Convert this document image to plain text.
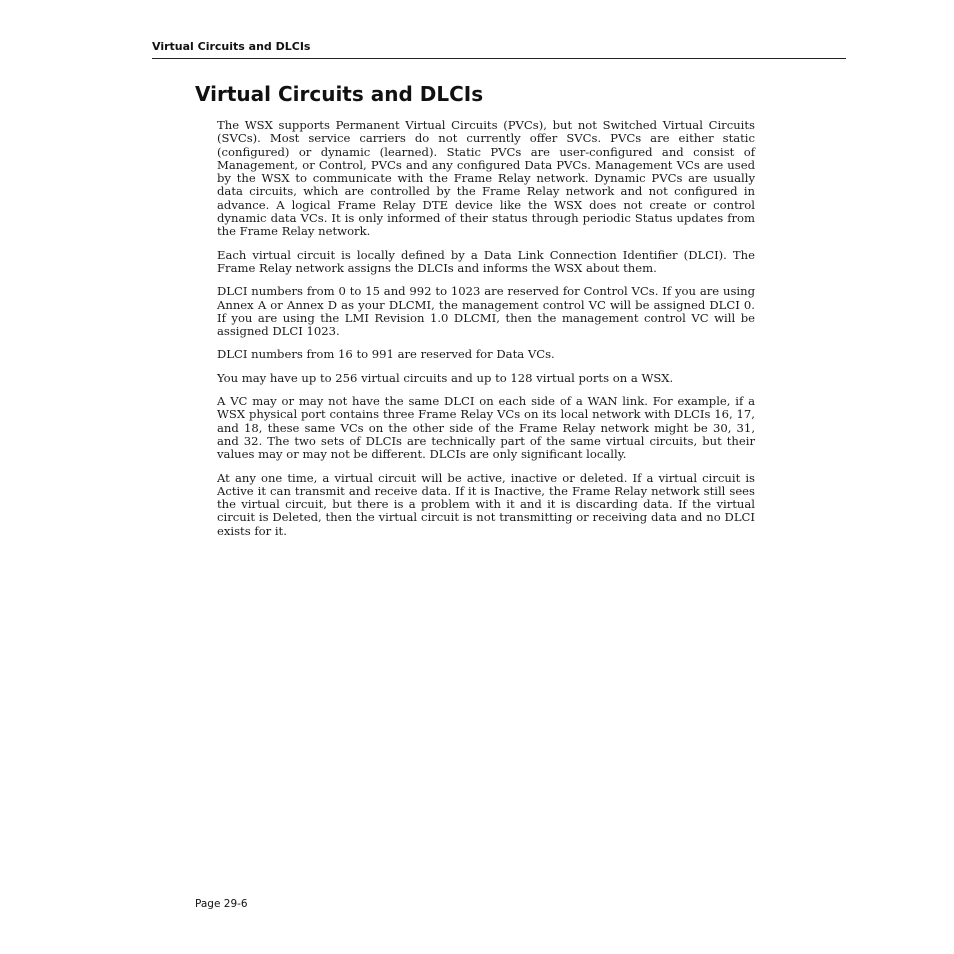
Virtual Circuits and DLCIs
Virtual Circuits and DLCIs

The WSX supports Permanent Virtual Circuits (PVCs), but not Switched Virtual Circuits (SVCs). Most service carriers do not currently offer SVCs. PVCs are either static (configured) or dynamic (learned). Static PVCs are user-configured and consist of Management, or Control, PVCs and any configured Data PVCs. Management VCs are used by the WSX to communicate with the Frame Relay network. Dynamic PVCs are usually data circuits, which are controlled by the Frame Relay network and not configured in advance. A logical Frame Relay DTE device like the WSX does not create or control dynamic data VCs. It is only informed of their status through periodic Status updates from the Frame Relay network.

Each virtual circuit is locally defined by a Data Link Connection Identifier (DLCI). The Frame Relay network assigns the DLCIs and informs the WSX about them.

DLCI numbers from 0 to 15 and 992 to 1023 are reserved for Control VCs. If you are using Annex A or Annex D as your DLCMI, the management control VC will be assigned DLCI 0. If you are using the LMI Revision 1.0 DLCMI, then the management control VC will be assigned DLCI 1023.

DLCI numbers from 16 to 991 are reserved for Data VCs.

You may have up to 256 virtual circuits and up to 128 virtual ports on a WSX.

A VC may or may not have the same DLCI on each side of a WAN link. For example, if a WSX physical port contains three Frame Relay VCs on its local network with DLCIs 16, 17, and 18, these same VCs on the other side of the Frame Relay network might be 30, 31, and 32. The two sets of DLCIs are technically part of the same virtual circuits, but their values may or may not be different. DLCIs are only significant locally.

At any one time, a virtual circuit will be active, inactive or deleted. If a virtual circuit is Active it can transmit and receive data. If it is Inactive, the Frame Relay network still sees the virtual circuit, but there is a problem with it and it is discarding data. If the virtual circuit is Deleted, then the virtual circuit is not transmitting or receiving data and no DLCI exists for it.

Page 29-6
